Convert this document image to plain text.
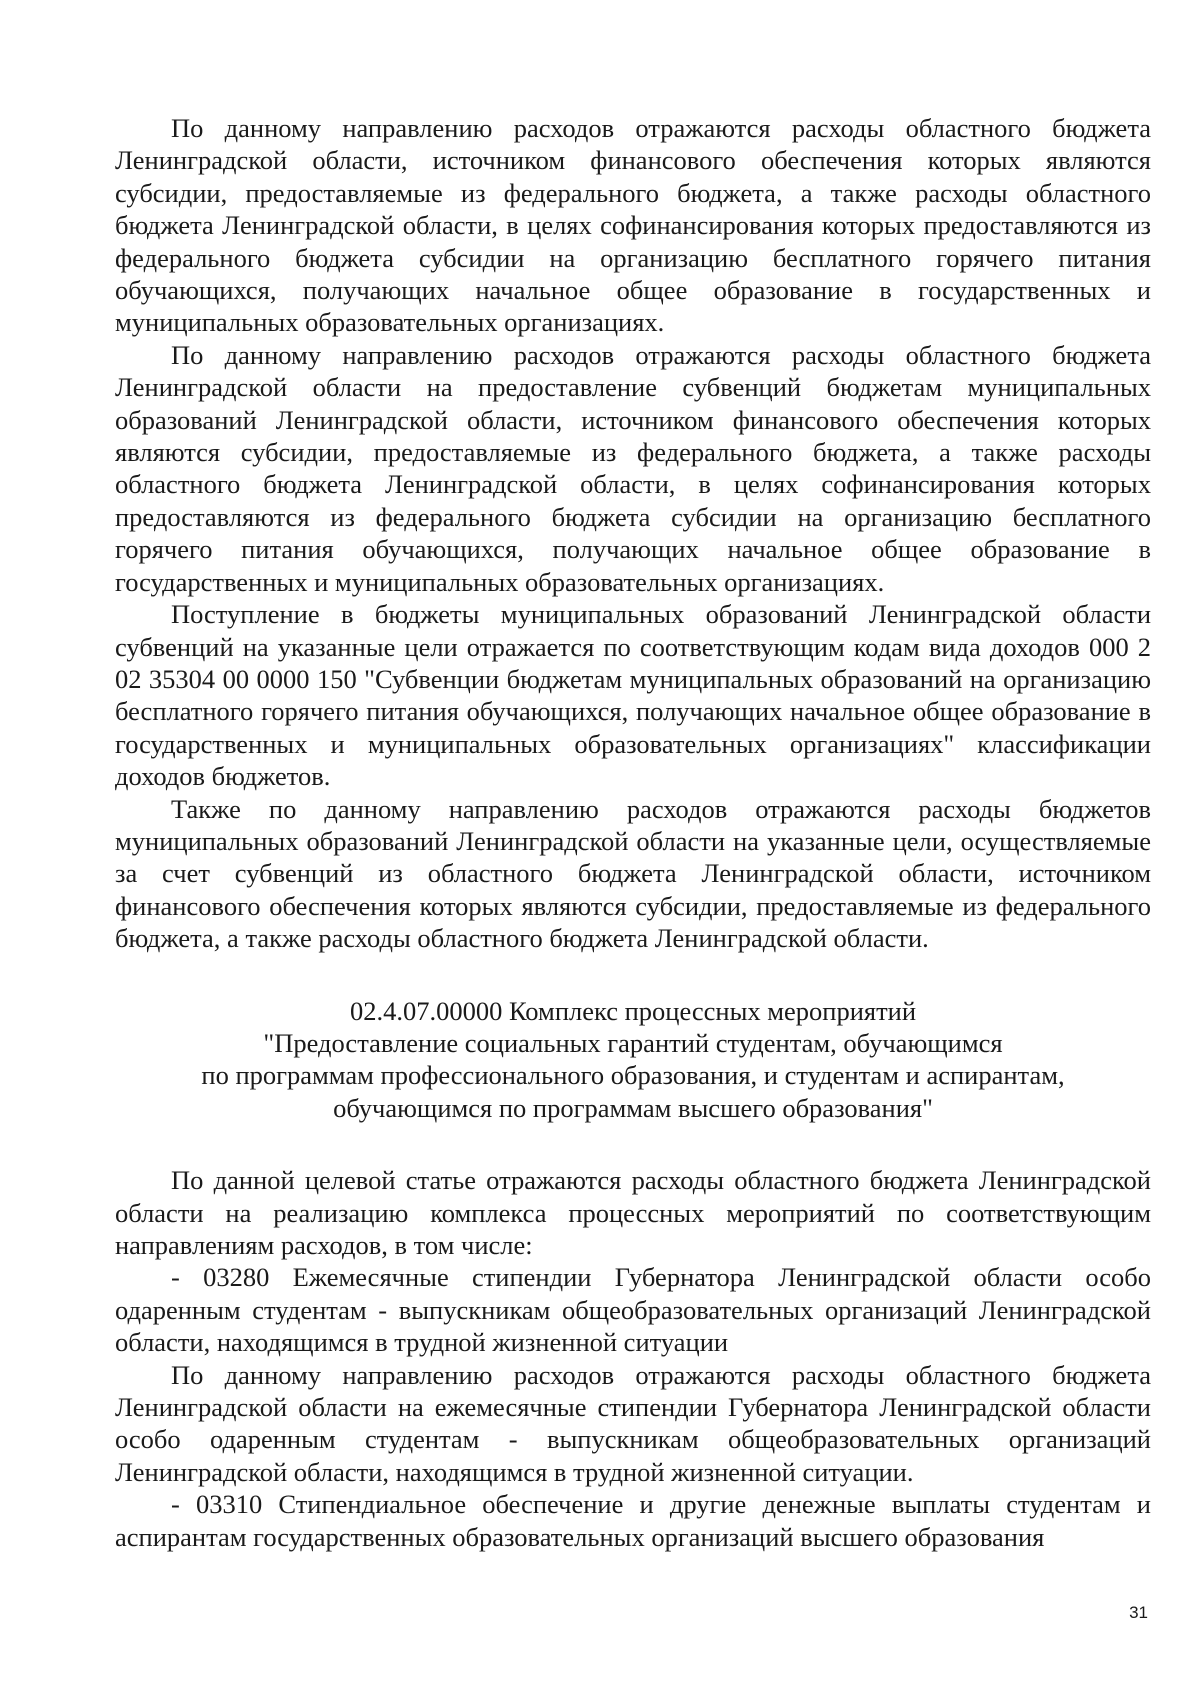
По данному направлению расходов отражаются расходы областного бюджета Ленинградской области, источником финансового обеспечения которых являются субсидии, предоставляемые из федерального бюджета, а также расходы областного бюджета Ленинградской области, в целях софинансирования которых предоставляются из федерального бюджета субсидии на организацию бесплатного горячего питания обучающихся, получающих начальное общее образование в государственных и муниципальных образовательных организациях.

По данному направлению расходов отражаются расходы областного бюджета Ленинградской области на предоставление субвенций бюджетам муниципальных образований Ленинградской области, источником финансового обеспечения которых являются субсидии, предоставляемые из федерального бюджета, а также расходы областного бюджета Ленинградской области, в целях софинансирования которых предоставляются из федерального бюджета субсидии на организацию бесплатного горячего питания обучающихся, получающих начальное общее образование в государственных и муниципальных образовательных организациях.

Поступление в бюджеты муниципальных образований Ленинградской области субвенций на указанные цели отражается по соответствующим кодам вида доходов 000 2 02 35304 00 0000 150 "Субвенции бюджетам муниципальных образований на организацию бесплатного горячего питания обучающихся, получающих начальное общее образование в государственных и муниципальных образовательных организациях" классификации доходов бюджетов.

Также по данному направлению расходов отражаются расходы бюджетов муниципальных образований Ленинградской области на указанные цели, осуществляемые за счет субвенций из областного бюджета Ленинградской области, источником финансового обеспечения которых являются субсидии, предоставляемые из федерального бюджета, а также расходы областного бюджета Ленинградской области.

02.4.07.00000 Комплекс процессных мероприятий
"Предоставление социальных гарантий студентам, обучающимся
по программам профессионального образования, и студентам и аспирантам,
обучающимся по программам высшего образования"

По данной целевой статье отражаются расходы областного бюджета Ленинградской области на реализацию комплекса процессных мероприятий по соответствующим направлениям расходов, в том числе:

- 03280 Ежемесячные стипендии Губернатора Ленинградской области особо одаренным студентам - выпускникам общеобразовательных организаций Ленинградской области, находящимся в трудной жизненной ситуации

По данному направлению расходов отражаются расходы областного бюджета Ленинградской области на ежемесячные стипендии Губернатора Ленинградской области особо одаренным студентам - выпускникам общеобразовательных организаций Ленинградской области, находящимся в трудной жизненной ситуации.

- 03310 Стипендиальное обеспечение и другие денежные выплаты студентам и аспирантам государственных образовательных организаций высшего образования

31
